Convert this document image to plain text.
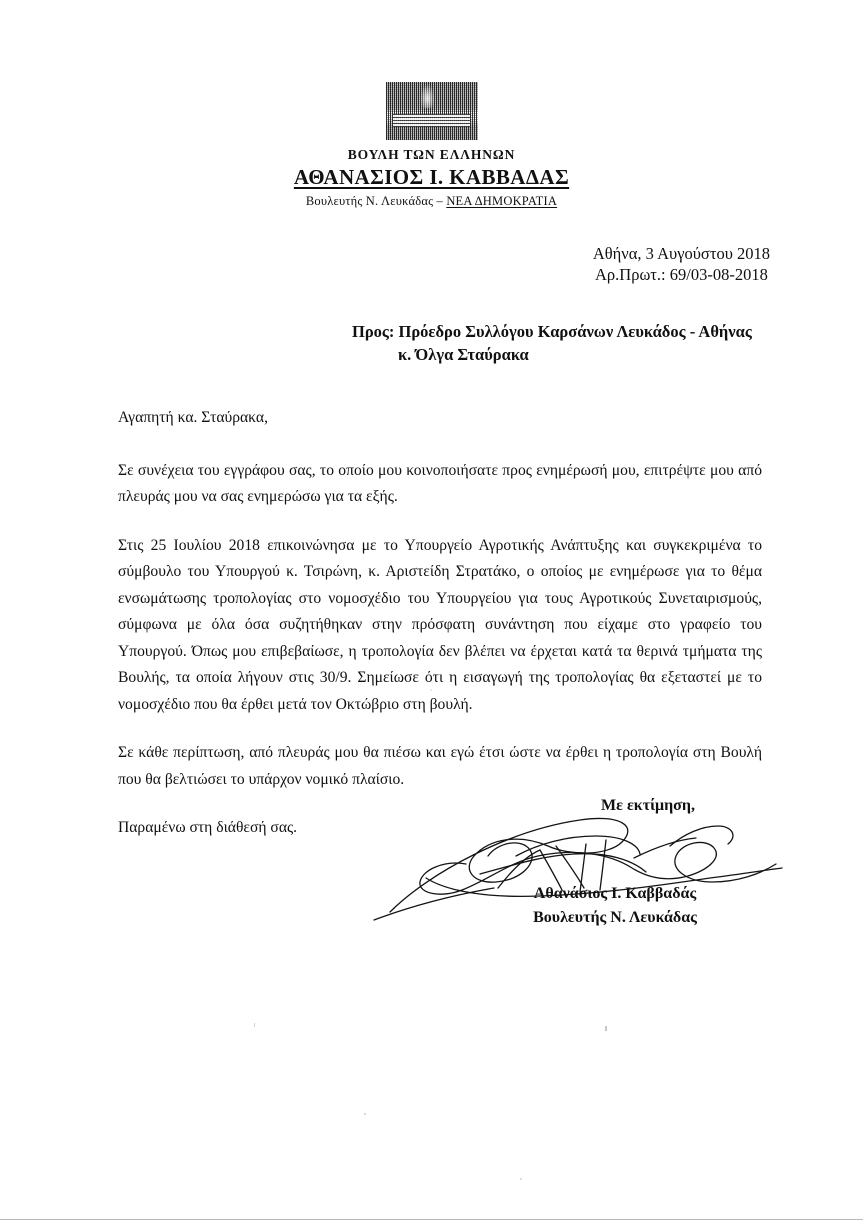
ΒΟΥΛΗ ΤΩΝ ΕΛΛΗΝΩΝ
ΑΘΑΝΑΣΙΟΣ Ι. ΚΑΒΒΑΔΑΣ
Βουλευτής Ν. Λευκάδας – ΝΕΑ ΔΗΜΟΚΡΑΤΙΑ
Αθήνα, 3 Αυγούστου 2018
Αρ.Πρωτ.: 69/03-08-2018
Προς: Πρόεδρο Συλλόγου Καρσάνων Λευκάδος - Αθήνας
κ. Όλγα Σταύρακα

Αγαπητή κα. Σταύρακα,

Σε συνέχεια του εγγράφου σας, το οποίο μου κοινοποιήσατε προς ενημέρωσή μου, επιτρέψτε μου από πλευράς μου να σας ενημερώσω για τα εξής.

Στις 25 Ιουλίου 2018 επικοινώνησα με το Υπουργείο Αγροτικής Ανάπτυξης και συγκεκριμένα το σύμβουλο του Υπουργού κ. Τσιρώνη, κ. Αριστείδη Στρατάκο, ο οποίος με ενημέρωσε για το θέμα ενσωμάτωσης τροπολογίας στο νομοσχέδιο του Υπουργείου για τους Αγροτικούς Συνεταιρισμούς, σύμφωνα με όλα όσα συζητήθηκαν στην πρόσφατη συνάντηση που είχαμε στο γραφείο του Υπουργού. Όπως μου επιβεβαίωσε, η τροπολογία δεν βλέπει να έρχεται κατά τα θερινά τμήματα της Βουλής, τα οποία λήγουν στις 30/9. Σημείωσε ότι η εισαγωγή της τροπολογίας θα εξεταστεί με το νομοσχέδιο που θα έρθει μετά τον Οκτώβριο στη βουλή.

Σε κάθε περίπτωση, από πλευράς μου θα πιέσω και εγώ έτσι ώστε να έρθει η τροπολογία στη Βουλή που θα βελτιώσει το υπάρχον νομικό πλαίσιο.

Παραμένω στη διάθεσή σας.

Με εκτίμηση,
Αθανάσιος Ι. Καββαδάς
Βουλευτής Ν. Λευκάδας
